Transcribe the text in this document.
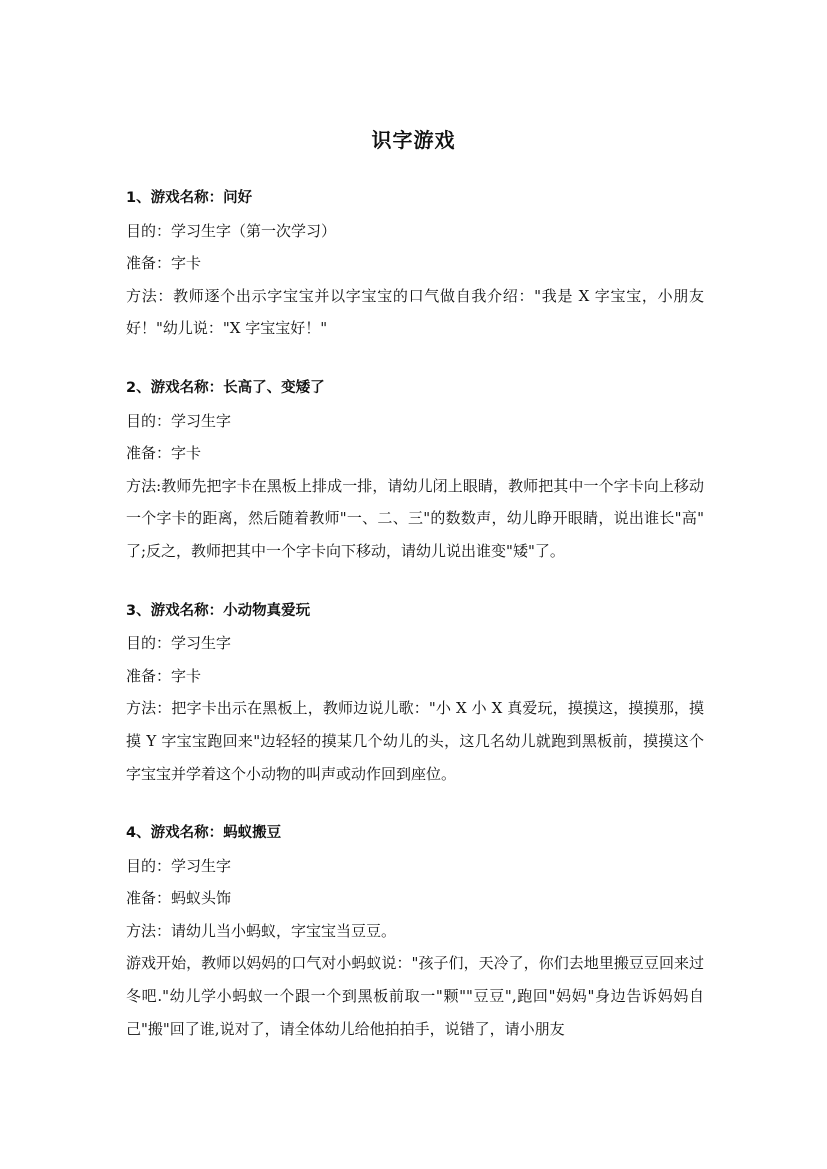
识字游戏
1、游戏名称：问好
目的：学习生字（第一次学习）
准备：字卡
方法：教师逐个出示字宝宝并以字宝宝的口气做自我介绍："我是 X 字宝宝，小朋友好！"幼儿说："X 字宝宝好！"
2、游戏名称：长高了、变矮了
目的：学习生字
准备：字卡
方法:教师先把字卡在黑板上排成一排，请幼儿闭上眼睛，教师把其中一个字卡向上移动一个字卡的距离，然后随着教师"一、二、三"的数数声，幼儿睁开眼睛，说出谁长"高" 了;反之，教师把其中一个字卡向下移动，请幼儿说出谁变"矮"了。
3、游戏名称：小动物真爱玩
目的：学习生字
准备：字卡
方法：把字卡出示在黑板上，教师边说儿歌："小 X 小 X 真爱玩，摸摸这，摸摸那，摸摸 Y 字宝宝跑回来"边轻轻的摸某几个幼儿的头，这几名幼儿就跑到黑板前，摸摸这个字宝宝并学着这个小动物的叫声或动作回到座位。
4、游戏名称：蚂蚁搬豆
目的：学习生字
准备：蚂蚁头饰
方法：请幼儿当小蚂蚁，字宝宝当豆豆。
游戏开始，教师以妈妈的口气对小蚂蚁说："孩子们，天冷了，你们去地里搬豆豆回来过冬吧."幼儿学小蚂蚁一个跟一个到黑板前取一"颗""豆豆",跑回"妈妈"身边告诉妈妈自己"搬"回了谁,说对了，请全体幼儿给他拍拍手，说错了，请小朋友
